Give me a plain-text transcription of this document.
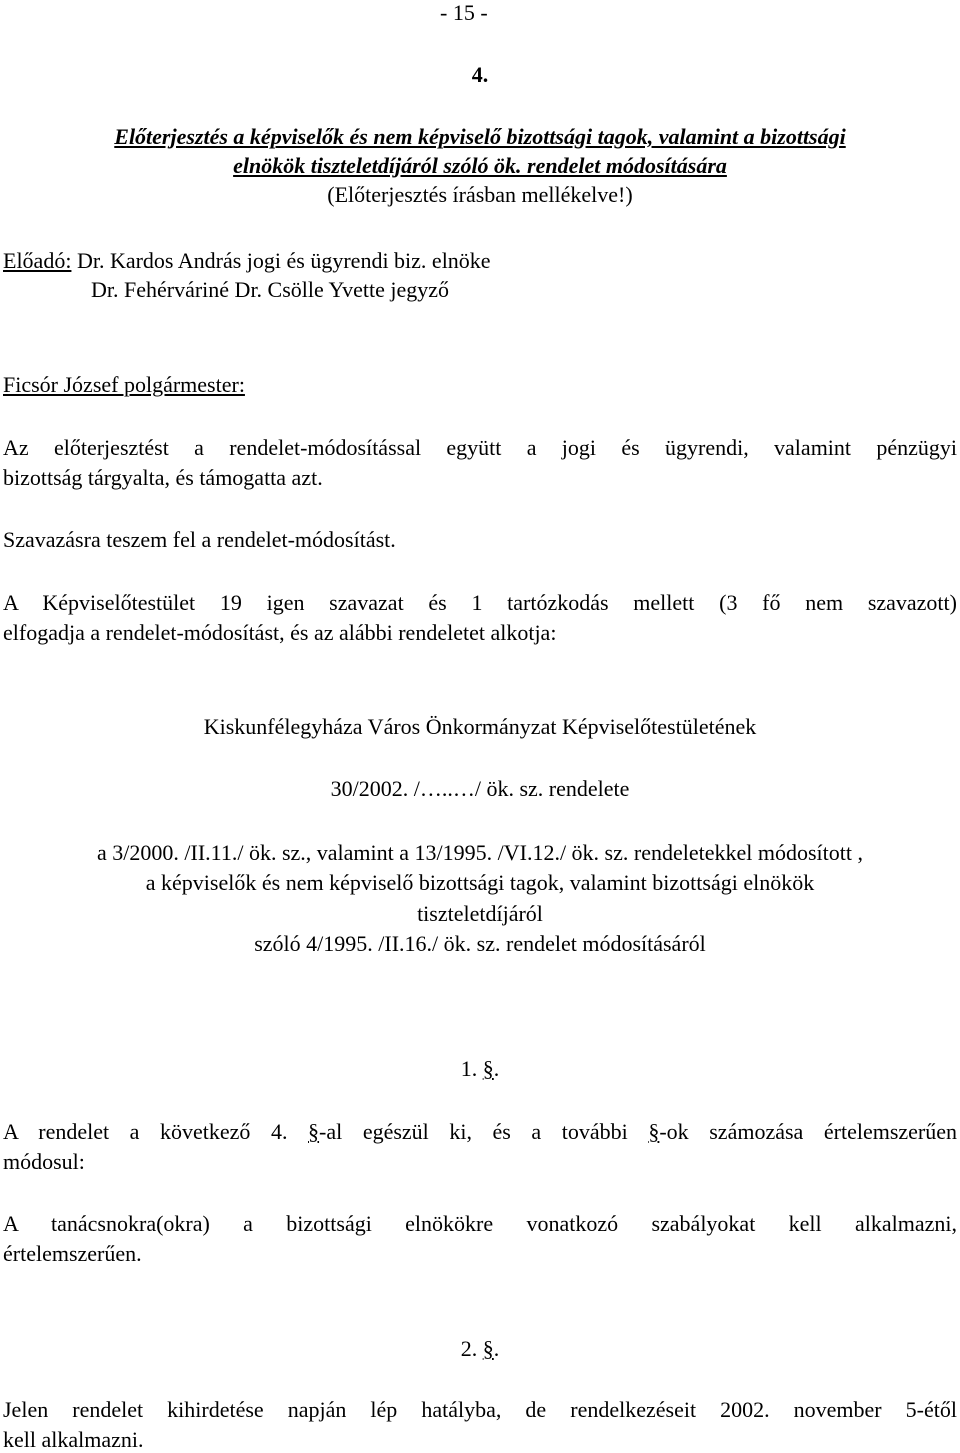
- 15 -

4.

Előterjesztés a képviselők és nem képviselő bizottsági tagok, valamint a bizottsági

elnökök tiszteletdíjáról szóló ök. rendelet módosítására

(Előterjesztés írásban mellékelve!)

Előadó: Dr. Kardos András jogi és ügyrendi biz. elnöke

Dr. Fehérváriné Dr. Csölle Yvette jegyző

Ficsór József polgármester:

Az előterjesztést a rendelet-módosítással együtt a jogi és ügyrendi, valamint pénzügyi

bizottság tárgyalta, és támogatta azt.

Szavazásra teszem fel a rendelet-módosítást.

A Képviselőtestület 19 igen szavazat és 1 tartózkodás mellett (3 fő nem szavazott)

elfogadja a rendelet-módosítást, és az alábbi rendeletet alkotja:

Kiskunfélegyháza Város Önkormányzat Képviselőtestületének

30/2002. /…..…/ ök. sz. rendelete

a 3/2000. /II.11./ ök. sz., valamint a 13/1995. /VI.12./ ök. sz. rendeletekkel módosított ,

a képviselők és nem képviselő bizottsági tagok, valamint bizottsági elnökök

tiszteletdíjáról

szóló 4/1995. /II.16./ ök. sz. rendelet módosításáról

1. §.

A rendelet a következő 4. §-al egészül ki, és a további §-ok számozása értelemszerűen

módosul:

A tanácsnokra(okra) a bizottsági elnökökre vonatkozó szabályokat kell alkalmazni,

értelemszerűen.

2. §.

Jelen rendelet kihirdetése napján lép hatályba, de rendelkezéseit 2002. november 5-étől

kell alkalmazni.
